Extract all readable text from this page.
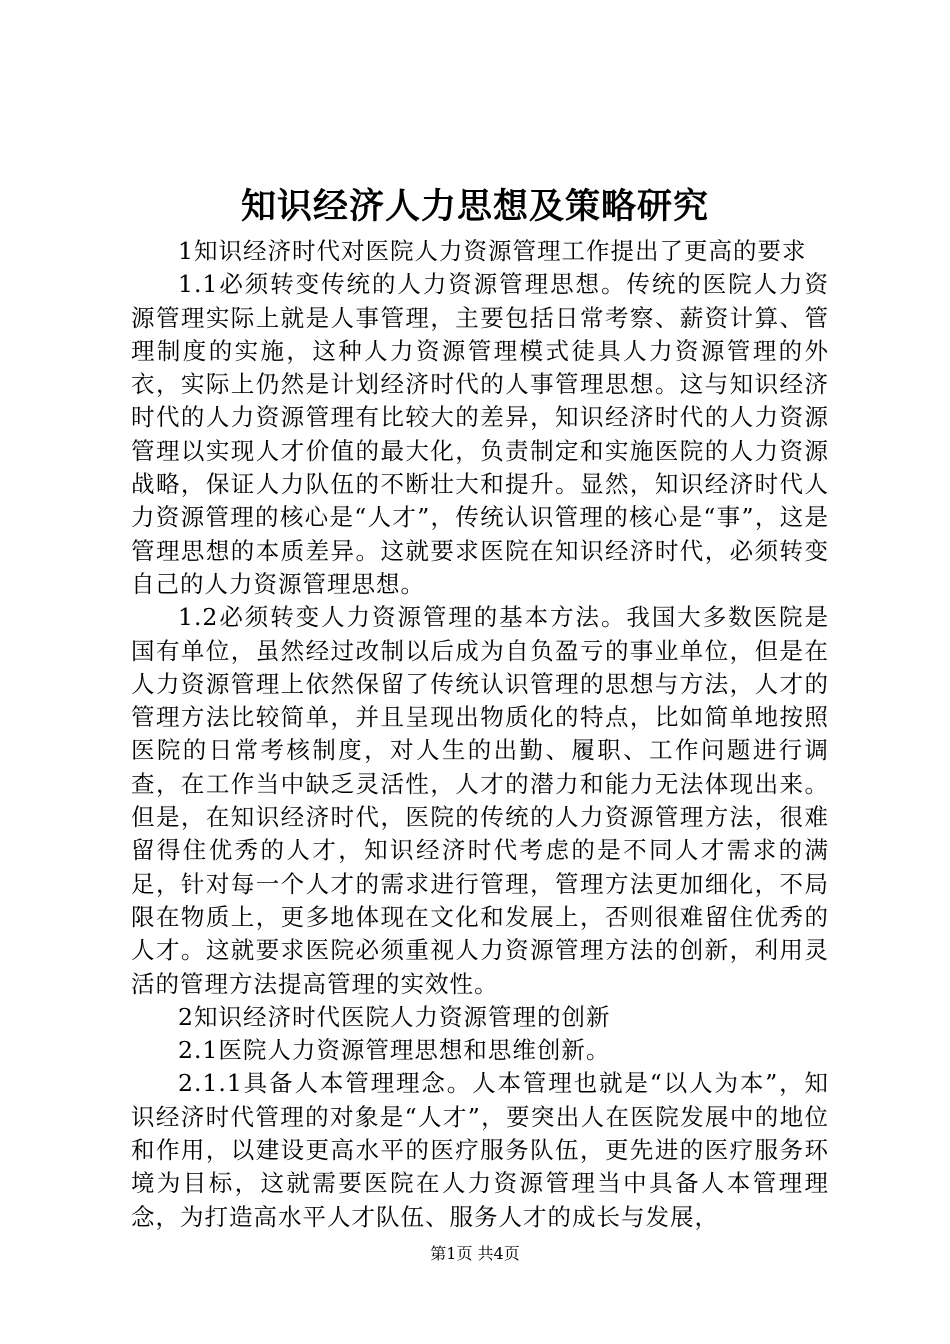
知识经济人力思想及策略研究

1知识经济时代对医院人力资源管理工作提出了更高的要求

1.1必须转变传统的人力资源管理思想。传统的医院人力资源管理实际上就是人事管理，主要包括日常考察、薪资计算、管理制度的实施，这种人力资源管理模式徒具人力资源管理的外衣，实际上仍然是计划经济时代的人事管理思想。这与知识经济时代的人力资源管理有比较大的差异，知识经济时代的人力资源管理以实现人才价值的最大化，负责制定和实施医院的人力资源战略，保证人力队伍的不断壮大和提升。显然，知识经济时代人力资源管理的核心是“人才”，传统认识管理的核心是“事”，这是管理思想的本质差异。这就要求医院在知识经济时代，必须转变自己的人力资源管理思想。

1.2必须转变人力资源管理的基本方法。我国大多数医院是国有单位，虽然经过改制以后成为自负盈亏的事业单位，但是在人力资源管理上依然保留了传统认识管理的思想与方法，人才的管理方法比较简单，并且呈现出物质化的特点，比如简单地按照医院的日常考核制度，对人生的出勤、履职、工作问题进行调查，在工作当中缺乏灵活性，人才的潜力和能力无法体现出来。但是，在知识经济时代，医院的传统的人力资源管理方法，很难留得住优秀的人才，知识经济时代考虑的是不同人才需求的满足，针对每一个人才的需求进行管理，管理方法更加细化，不局限在物质上，更多地体现在文化和发展上，否则很难留住优秀的人才。这就要求医院必须重视人力资源管理方法的创新，利用灵活的管理方法提高管理的实效性。

2知识经济时代医院人力资源管理的创新

2.1医院人力资源管理思想和思维创新。

2.1.1具备人本管理理念。人本管理也就是“以人为本”，知识经济时代管理的对象是“人才”，要突出人在医院发展中的地位和作用，以建设更高水平的医疗服务队伍，更先进的医疗服务环境为目标，这就需要医院在人力资源管理当中具备人本管理理念，为打造高水平人才队伍、服务人才的成长与发展，

第1页 共4页
